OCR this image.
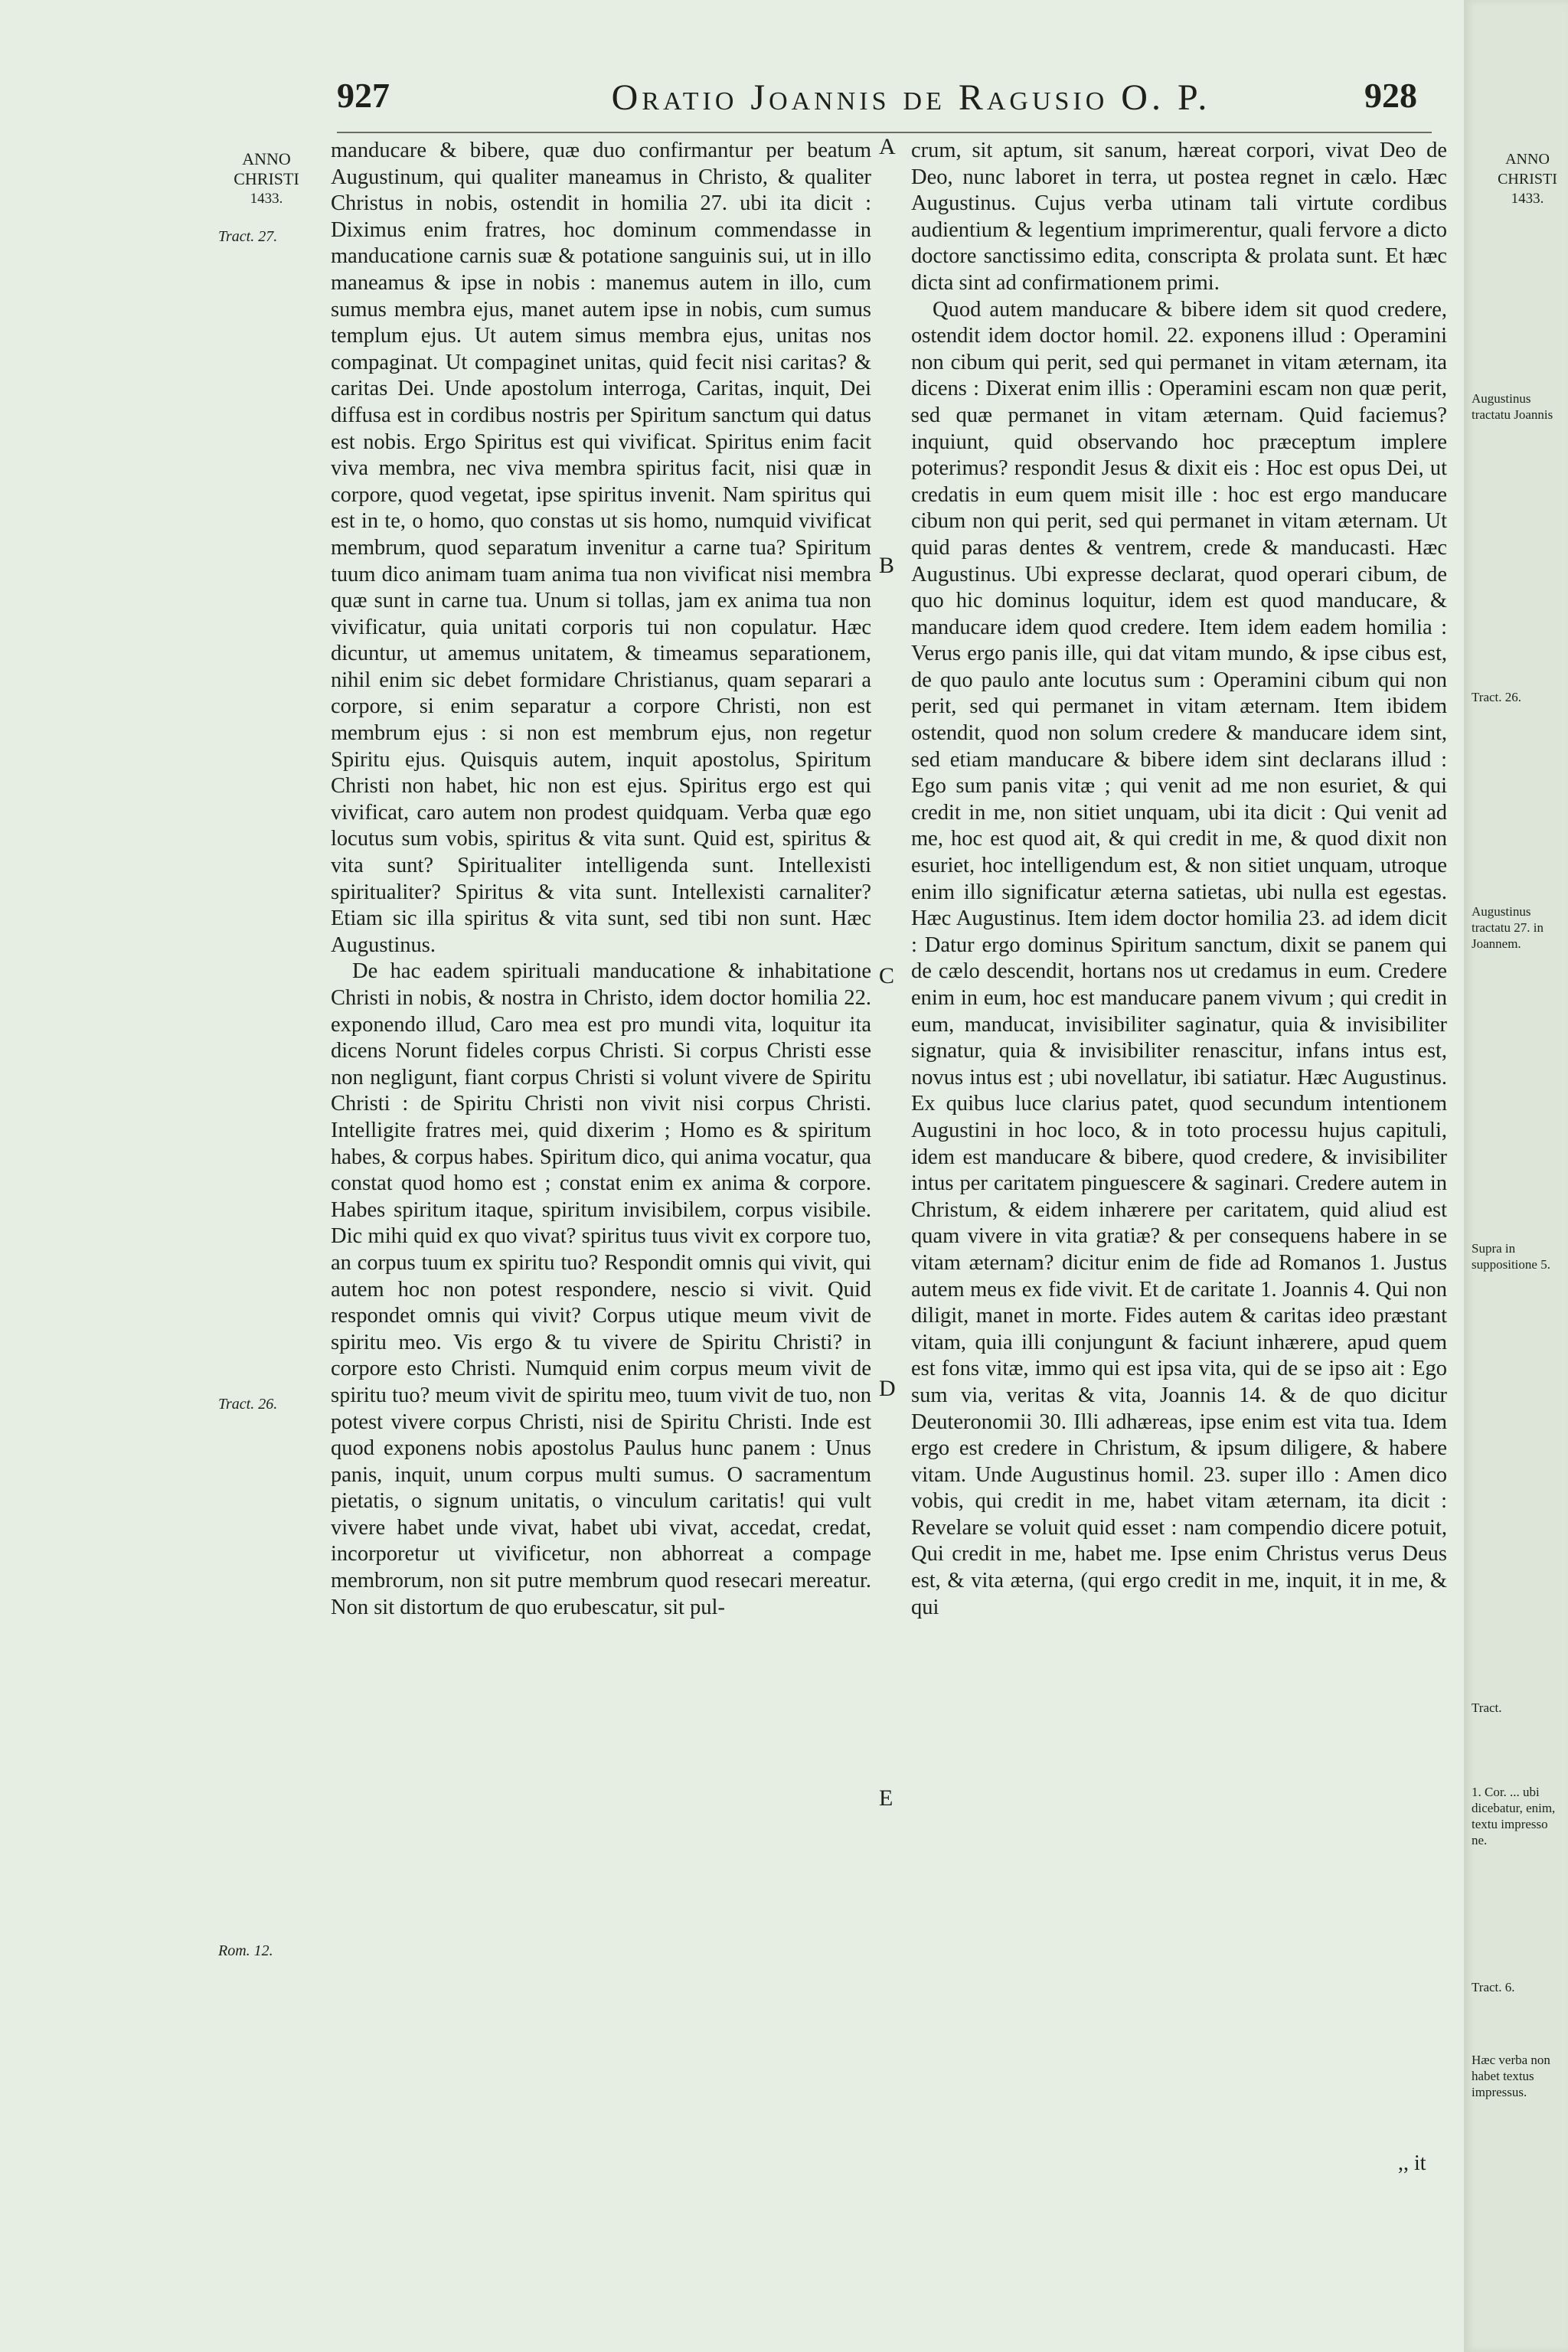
927	Oratio Joannis de Ragusio O. P.	928
ANNO
CHRISTI

1433.
ANNO
CHRISTI

1433.
Tract. 27.
Tract. 26.
Rom. 12.
Augustinus tractatu Joannis
Tract. 26.
Augustinus tractatu 27. in Joannem.
Supra in suppositione 5.
Tract.
1. Cor. ... ubi dicebatur, enim, textu impresso ne.
Tract. 6.
Hæc verba non habet textus impressus.
A
B
C
D
E

manducare & bibere, quæ duo confirmantur per beatum Augustinum, qui qualiter maneamus in Christo, & qualiter Christus in nobis, ostendit in homilia 27. ubi ita dicit : Diximus enim fratres, hoc dominum commendasse in manducatione carnis suæ & potatione sanguinis sui, ut in illo maneamus & ipse in nobis : manemus autem in illo, cum sumus membra ejus, manet autem ipse in nobis, cum sumus templum ejus. Ut autem simus membra ejus, unitas nos compaginat. Ut compaginet unitas, quid fecit nisi caritas? & caritas Dei. Unde apostolum interroga, Caritas, inquit, Dei diffusa est in cordibus nostris per Spiritum sanctum qui datus est nobis. Ergo Spiritus est qui vivificat. Spiritus enim facit viva membra, nec viva membra spiritus facit, nisi quæ in corpore, quod vegetat, ipse spiritus invenit. Nam spiritus qui est in te, o homo, quo constas ut sis homo, numquid vivificat membrum, quod separatum invenitur a carne tua? Spiritum tuum dico animam tuam anima tua non vivificat nisi membra quæ sunt in carne tua. Unum si tollas, jam ex anima tua non vivificatur, quia unitati corporis tui non copulatur. Hæc dicuntur, ut amemus unitatem, & timeamus separationem, nihil enim sic debet formidare Christianus, quam separari a corpore, si enim separatur a corpore Christi, non est membrum ejus : si non est membrum ejus, non regetur Spiritu ejus. Quisquis autem, inquit apostolus, Spiritum Christi non habet, hic non est ejus. Spiritus ergo est qui vivificat, caro autem non prodest quidquam. Verba quæ ego locutus sum vobis, spiritus & vita sunt. Quid est, spiritus & vita sunt? Spiritualiter intelligenda sunt. Intellexisti spiritualiter? Spiritus & vita sunt. Intellexisti carnaliter? Etiam sic illa spiritus & vita sunt, sed tibi non sunt. Hæc Augustinus.

De hac eadem spirituali manducatione & inhabitatione Christi in nobis, & nostra in Christo, idem doctor homilia 22. exponendo illud, Caro mea est pro mundi vita, loquitur ita dicens Norunt fideles corpus Christi. Si corpus Christi esse non negligunt, fiant corpus Christi si volunt vivere de Spiritu Christi : de Spiritu Christi non vivit nisi corpus Christi. Intelligite fratres mei, quid dixerim ; Homo es & spiritum habes, & corpus habes. Spiritum dico, qui anima vocatur, qua constat quod homo est ; constat enim ex anima & corpore. Habes spiritum itaque, spiritum invisibilem, corpus visibile. Dic mihi quid ex quo vivat? spiritus tuus vivit ex corpore tuo, an corpus tuum ex spiritu tuo? Respondit omnis qui vivit, qui autem hoc non potest respondere, nescio si vivit. Quid respondet omnis qui vivit? Corpus utique meum vivit de spiritu meo. Vis ergo & tu vivere de Spiritu Christi? in corpore esto Christi. Numquid enim corpus meum vivit de spiritu tuo? meum vivit de spiritu meo, tuum vivit de tuo, non potest vivere corpus Christi, nisi de Spiritu Christi. Inde est quod exponens nobis apostolus Paulus hunc panem : Unus panis, inquit, unum corpus multi sumus. O sacramentum pietatis, o signum unitatis, o vinculum caritatis! qui vult vivere habet unde vivat, habet ubi vivat, accedat, credat, incorporetur ut vivificetur, non abhorreat a compage membrorum, non sit putre membrum quod resecari mereatur. Non sit distortum de quo erubescatur, sit pul-

crum, sit aptum, sit sanum, hæreat corpori, vivat Deo de Deo, nunc laboret in terra, ut postea regnet in cælo. Hæc Augustinus. Cujus verba utinam tali virtute cordibus audientium & legentium imprimerentur, quali fervore a dicto doctore sanctissimo edita, conscripta & prolata sunt. Et hæc dicta sint ad confirmationem primi.

Quod autem manducare & bibere idem sit quod credere, ostendit idem doctor homil. 22. exponens illud : Operamini non cibum qui perit, sed qui permanet in vitam æternam, ita dicens : Dixerat enim illis : Operamini escam non quæ perit, sed quæ permanet in vitam æternam. Quid faciemus? inquiunt, quid observando hoc præceptum implere poterimus? respondit Jesus & dixit eis : Hoc est opus Dei, ut credatis in eum quem misit ille : hoc est ergo manducare cibum non qui perit, sed qui permanet in vitam æternam. Ut quid paras dentes & ventrem, crede & manducasti. Hæc Augustinus. Ubi expresse declarat, quod operari cibum, de quo hic dominus loquitur, idem est quod manducare, & manducare idem quod credere. Item idem eadem homilia : Verus ergo panis ille, qui dat vitam mundo, & ipse cibus est, de quo paulo ante locutus sum : Operamini cibum qui non perit, sed qui permanet in vitam æternam. Item ibidem ostendit, quod non solum credere & manducare idem sint, sed etiam manducare & bibere idem sint declarans illud : Ego sum panis vitæ ; qui venit ad me non esuriet, & qui credit in me, non sitiet unquam, ubi ita dicit : Qui venit ad me, hoc est quod ait, & qui credit in me, & quod dixit non esuriet, hoc intelligendum est, & non sitiet unquam, utroque enim illo significatur æterna satietas, ubi nulla est egestas. Hæc Augustinus. Item idem doctor homilia 23. ad idem dicit : Datur ergo dominus Spiritum sanctum, dixit se panem qui de cælo descendit, hortans nos ut credamus in eum. Credere enim in eum, hoc est manducare panem vivum ; qui credit in eum, manducat, invisibiliter saginatur, quia & invisibiliter signatur, quia & invisibiliter renascitur, infans intus est, novus intus est ; ubi novellatur, ibi satiatur. Hæc Augustinus. Ex quibus luce clarius patet, quod secundum intentionem Augustini in hoc loco, & in toto processu hujus capituli, idem est manducare & bibere, quod credere, & invisibiliter intus per caritatem pinguescere & saginari. Credere autem in Christum, & eidem inhærere per caritatem, quid aliud est quam vivere in vita gratiæ? & per consequens habere in se vitam æternam? dicitur enim de fide ad Romanos 1. Justus autem meus ex fide vivit. Et de caritate 1. Joannis 4. Qui non diligit, manet in morte. Fides autem & caritas ideo præstant vitam, quia illi conjungunt & faciunt inhærere, apud quem est fons vitæ, immo qui est ipsa vita, qui de se ipso ait : Ego sum via, veritas & vita, Joannis 14. & de quo dicitur Deuteronomii 30. Illi adhæreas, ipse enim est vita tua. Idem ergo est credere in Christum, & ipsum diligere, & habere vitam. Unde Augustinus homil. 23. super illo : Amen dico vobis, qui credit in me, habet vitam æternam, ita dicit : Revelare se voluit quid esset : nam compendio dicere potuit, Qui credit in me, habet me. Ipse enim Christus verus Deus est, & vita æterna, (qui ergo credit in me, inquit, it in me, & qui

,, it
